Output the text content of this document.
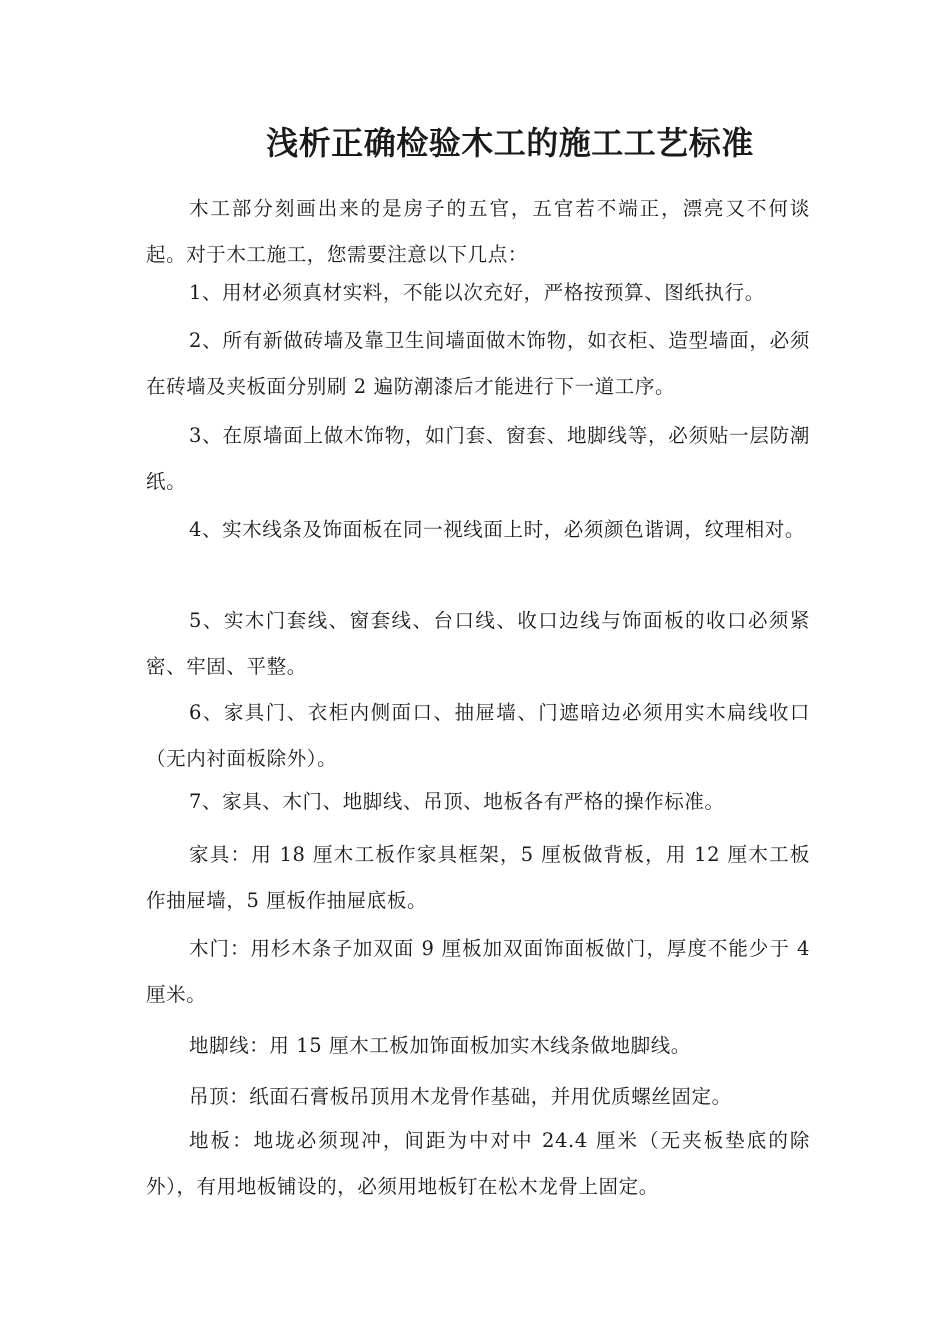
浅析正确检验木工的施工工艺标准

木工部分刻画出来的是房子的五官，五官若不端正，漂亮又不何谈起。对于木工施工，您需要注意以下几点：

1、用材必须真材实料，不能以次充好，严格按预算、图纸执行。

2、所有新做砖墙及靠卫生间墙面做木饰物，如衣柜、造型墙面，必须在砖墙及夹板面分别刷 2 遍防潮漆后才能进行下一道工序。

3、在原墙面上做木饰物，如门套、窗套、地脚线等，必须贴一层防潮纸。

4、实木线条及饰面板在同一视线面上时，必须颜色谐调，纹理相对。

5、实木门套线、窗套线、台口线、收口边线与饰面板的收口必须紧密、牢固、平整。

6、家具门、衣柜内侧面口、抽屉墙、门遮暗边必须用实木扁线收口（无内衬面板除外）。

7、家具、木门、地脚线、吊顶、地板各有严格的操作标准。

家具：用 18 厘木工板作家具框架，5 厘板做背板，用 12 厘木工板作抽屉墙，5 厘板作抽屉底板。

木门：用杉木条子加双面 9 厘板加双面饰面板做门，厚度不能少于 4 厘米。

地脚线：用 15 厘木工板加饰面板加实木线条做地脚线。

吊顶：纸面石膏板吊顶用木龙骨作基础，并用优质螺丝固定。

地板：地垅必须现冲，间距为中对中 24.4 厘米（无夹板垫底的除外），有用地板铺设的，必须用地板钉在松木龙骨上固定。
